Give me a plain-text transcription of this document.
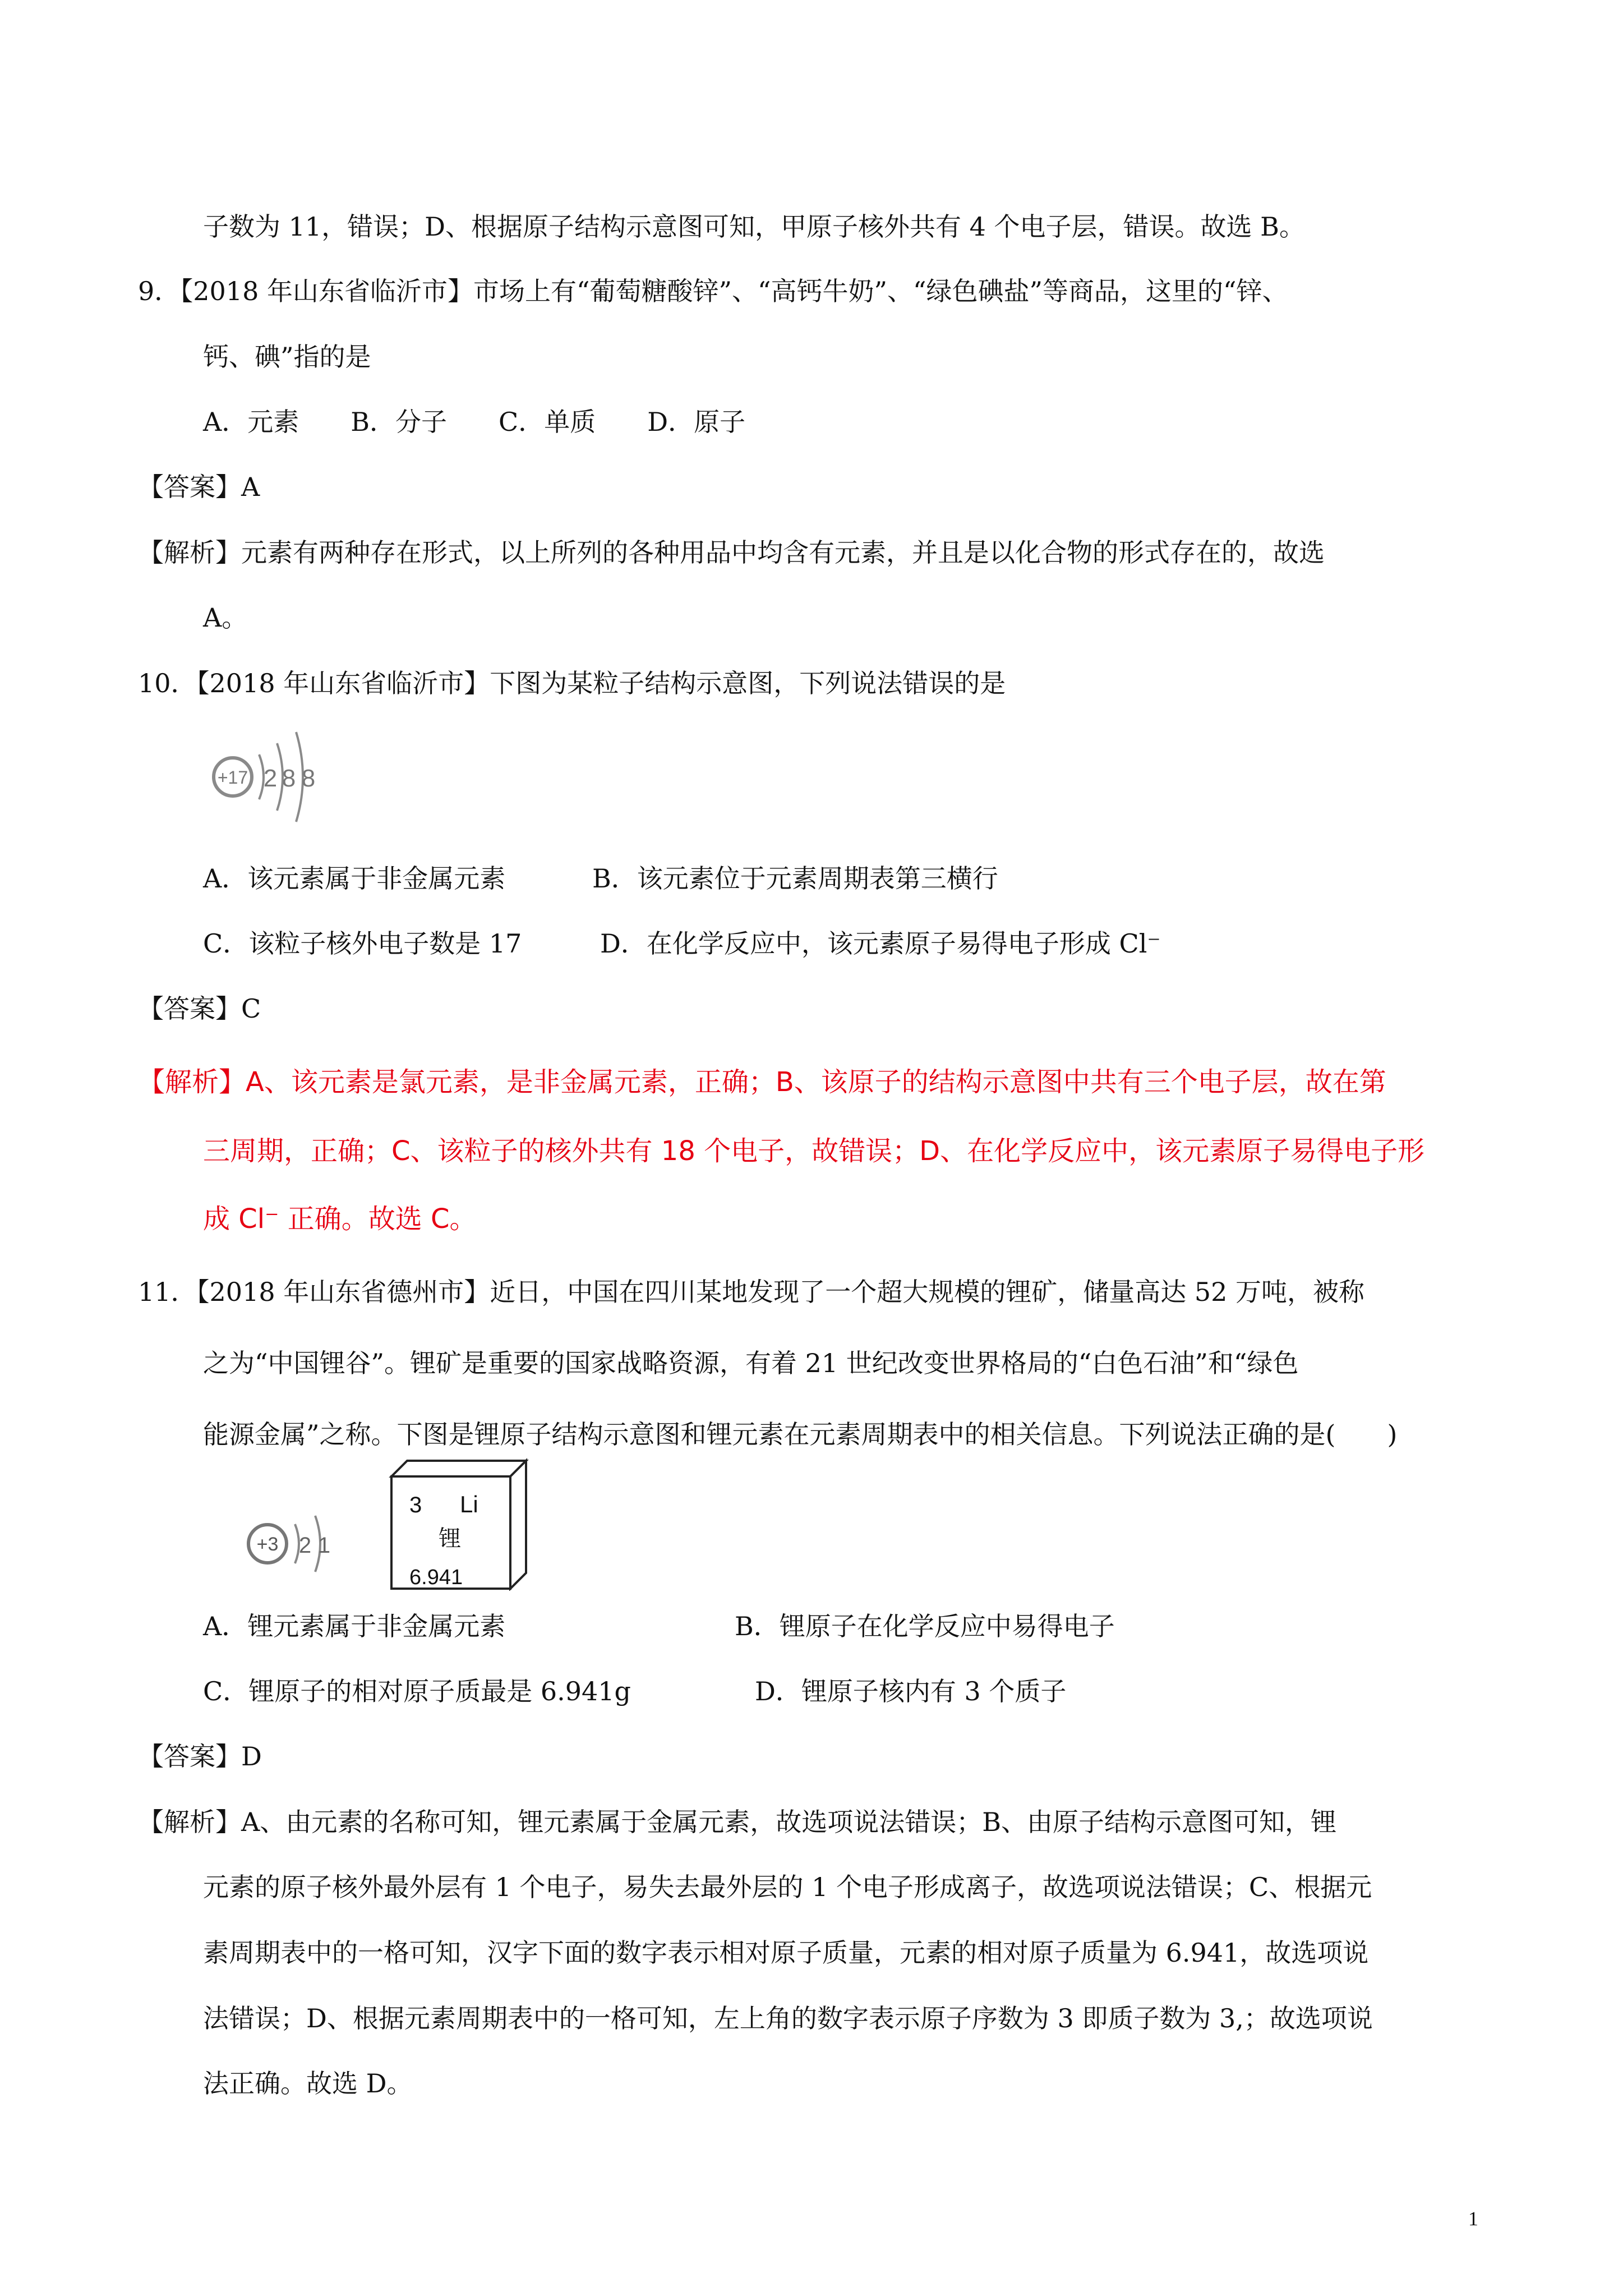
子数为 11，错误；D、根据原子结构示意图可知，甲原子核外共有 4 个电子层，错误。故选 B。
9．【2018 年山东省临沂市】市场上有“葡萄糖酸锌”、“高钙牛奶”、“绿色碘盐”等商品，这里的“锌、
钙、碘”指的是
A．元素　　B．分子　　C．单质　　D．原子
【答案】A
【解析】元素有两种存在形式，以上所列的各种用品中均含有元素，并且是以化合物的形式存在的，故选
A。
10．【2018 年山东省临沂市】下图为某粒子结构示意图，下列说法错误的是
+17 2 8 8
A．该元素属于非金属元素	B．该元素位于元素周期表第三横行
C．该粒子核外电子数是 17	D．在化学反应中，该元素原子易得电子形成 Cl⁻
【答案】C
【解析】A、该元素是氯元素，是非金属元素，正确；B、该原子的结构示意图中共有三个电子层，故在第
三周期，正确；C、该粒子的核外共有 18 个电子，故错误；D、在化学反应中，该元素原子易得电子形
成 Cl⁻ 正确。故选 C。
11．【2018 年山东省德州市】近日，中国在四川某地发现了一个超大规模的锂矿，储量高达 52 万吨，被称
之为“中国锂谷”。锂矿是重要的国家战略资源，有着 21 世纪改变世界格局的“白色石油”和“绿色
能源金属”之称。下图是锂原子结构示意图和锂元素在元素周期表中的相关信息。下列说法正确的是(　　)
+3 2 1
3 Li
锂
6.941
A．锂元素属于非金属元素	B．锂原子在化学反应中易得电子
C．锂原子的相对原子质最是 6.941g	D．锂原子核内有 3 个质子
【答案】D
【解析】A、由元素的名称可知，锂元素属于金属元素，故选项说法错误；B、由原子结构示意图可知，锂
元素的原子核外最外层有 1 个电子，易失去最外层的 1 个电子形成离子，故选项说法错误；C、根据元
素周期表中的一格可知，汉字下面的数字表示相对原子质量，元素的相对原子质量为 6.941，故选项说
法错误；D、根据元素周期表中的一格可知，左上角的数字表示原子序数为 3 即质子数为 3,；故选项说
法正确。故选 D。
1
